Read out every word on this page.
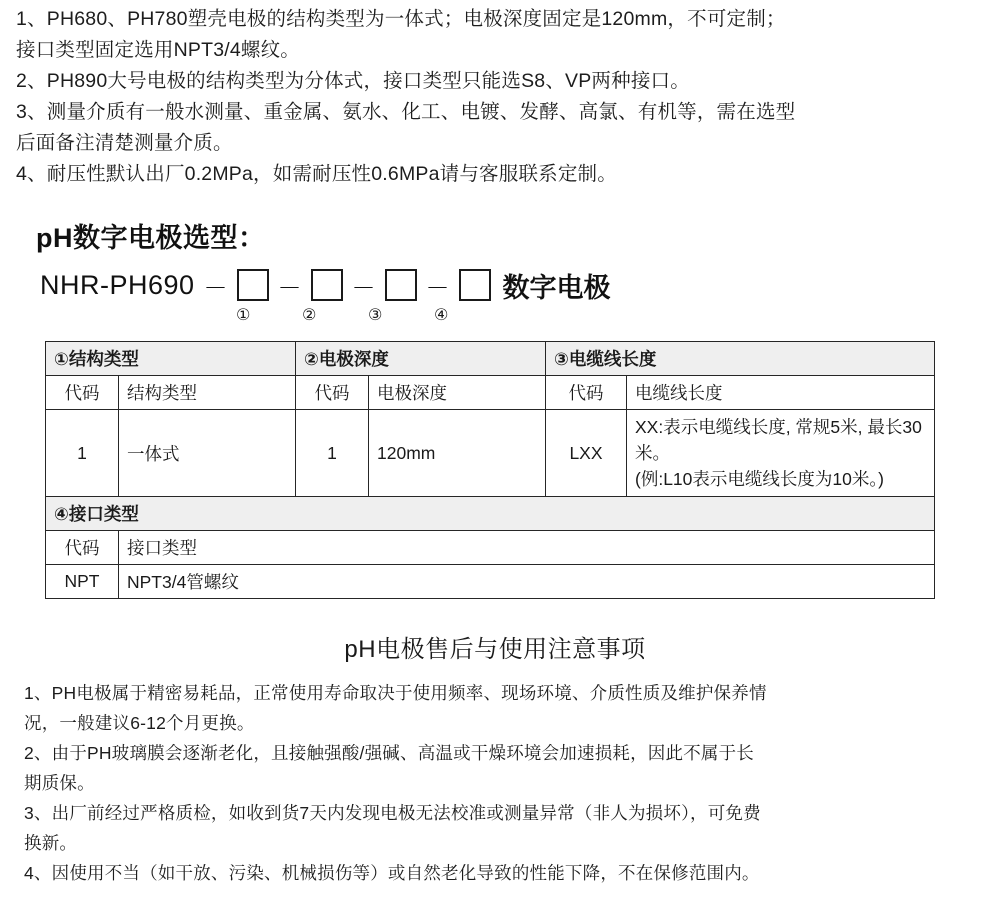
1、PH680、PH780塑壳电极的结构类型为一体式；电极深度固定是120mm，不可定制；
接口类型固定选用NPT3/4螺纹。
2、PH890大号电极的结构类型为分体式，接口类型只能选S8、VP两种接口。
3、测量介质有一般水测量、重金属、氨水、化工、电镀、发酵、高氯、有机等，需在选型
后面备注清楚测量介质。
4、耐压性默认出厂0.2MPa，如需耐压性0.6MPa请与客服联系定制。
pH数字电极选型：
NHR-PH690 －	－	－	－	数字电极
①	②	③	④
①结构类型		②电极深度		③电缆线长度	
代码	结构类型	代码	电极深度	代码	电缆线长度
1	一体式	1	120mm	LXX	XX:表示电缆线长度, 常规5米, 最长30米。
(例:L10表示电缆线长度为10米。)

④接口类型					
代码	接口类型				
NPT	NPT3/4管螺纹				
pH电极售后与使用注意事项
1、PH电极属于精密易耗品，正常使用寿命取决于使用频率、现场环境、介质性质及维护保养情
况，一般建议6-12个月更换。
2、由于PH玻璃膜会逐渐老化，且接触强酸/强碱、高温或干燥环境会加速损耗，因此不属于长
期质保。
3、出厂前经过严格质检，如收到货7天内发现电极无法校准或测量异常（非人为损坏），可免费
换新。
4、因使用不当（如干放、污染、机械损伤等）或自然老化导致的性能下降，不在保修范围内。
